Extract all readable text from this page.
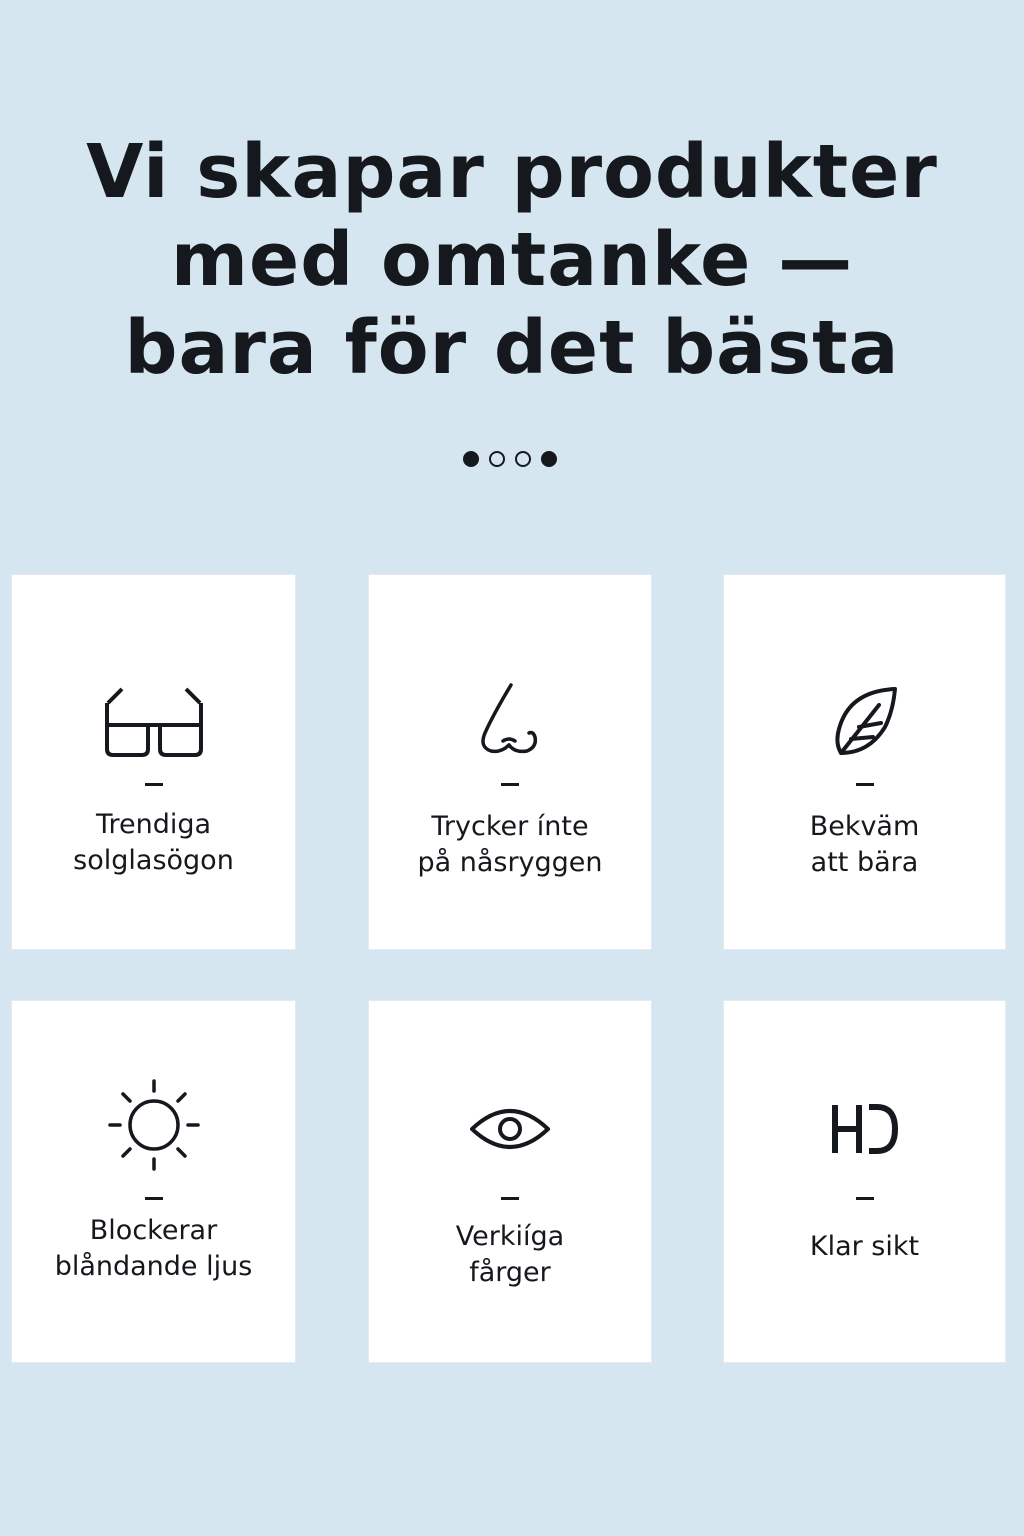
Vi skapar produkter
med omtanke —
bara för det bästa
Trendiga
solglasögon
Trycker ínte
på nåsryggen
Bekväm
att bära
Blockerar
blåndande ljus
Verkiíga
fårger
Klar sikt
